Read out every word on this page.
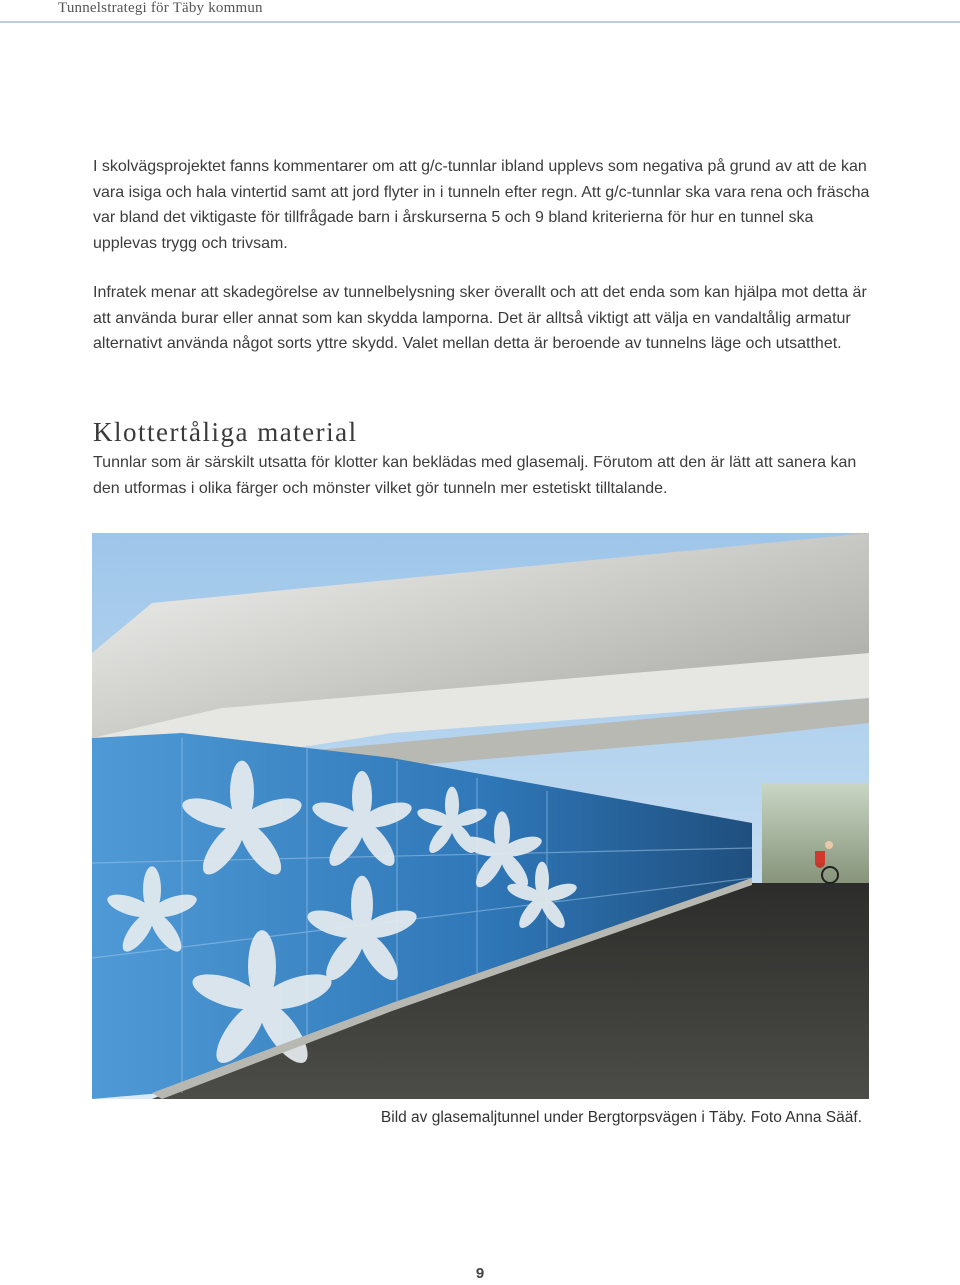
Tunnelstrategi för Täby kommun

I skolvägsprojektet fanns kommentarer om att g/c-tunnlar ibland upplevs som negativa på grund av att de kan vara isiga och hala vintertid samt att jord flyter in i tunneln efter regn. Att g/c-tunnlar ska vara rena och fräscha var bland det viktigaste för tillfrågade barn i årskurserna 5 och 9 bland kriterierna för hur en tunnel ska upplevas trygg och trivsam.

Infratek menar att skadegörelse av tunnelbelysning sker överallt och att det enda som kan hjälpa mot detta är att använda burar eller annat som kan skydda lamporna. Det är alltså viktigt att välja en vandaltålig armatur alternativt använda något sorts yttre skydd. Valet mellan detta är beroende av tunnelns läge och utsatthet.

Klottertåliga material

Tunnlar som är särskilt utsatta för klotter kan beklädas med glasemalj. Förutom att den är lätt att sanera kan den utformas i olika färger och mönster vilket gör tunneln mer estetiskt tilltalande.

Bild av glasemaljtunnel under Bergtorpsvägen i Täby. Foto Anna Sääf.
9
